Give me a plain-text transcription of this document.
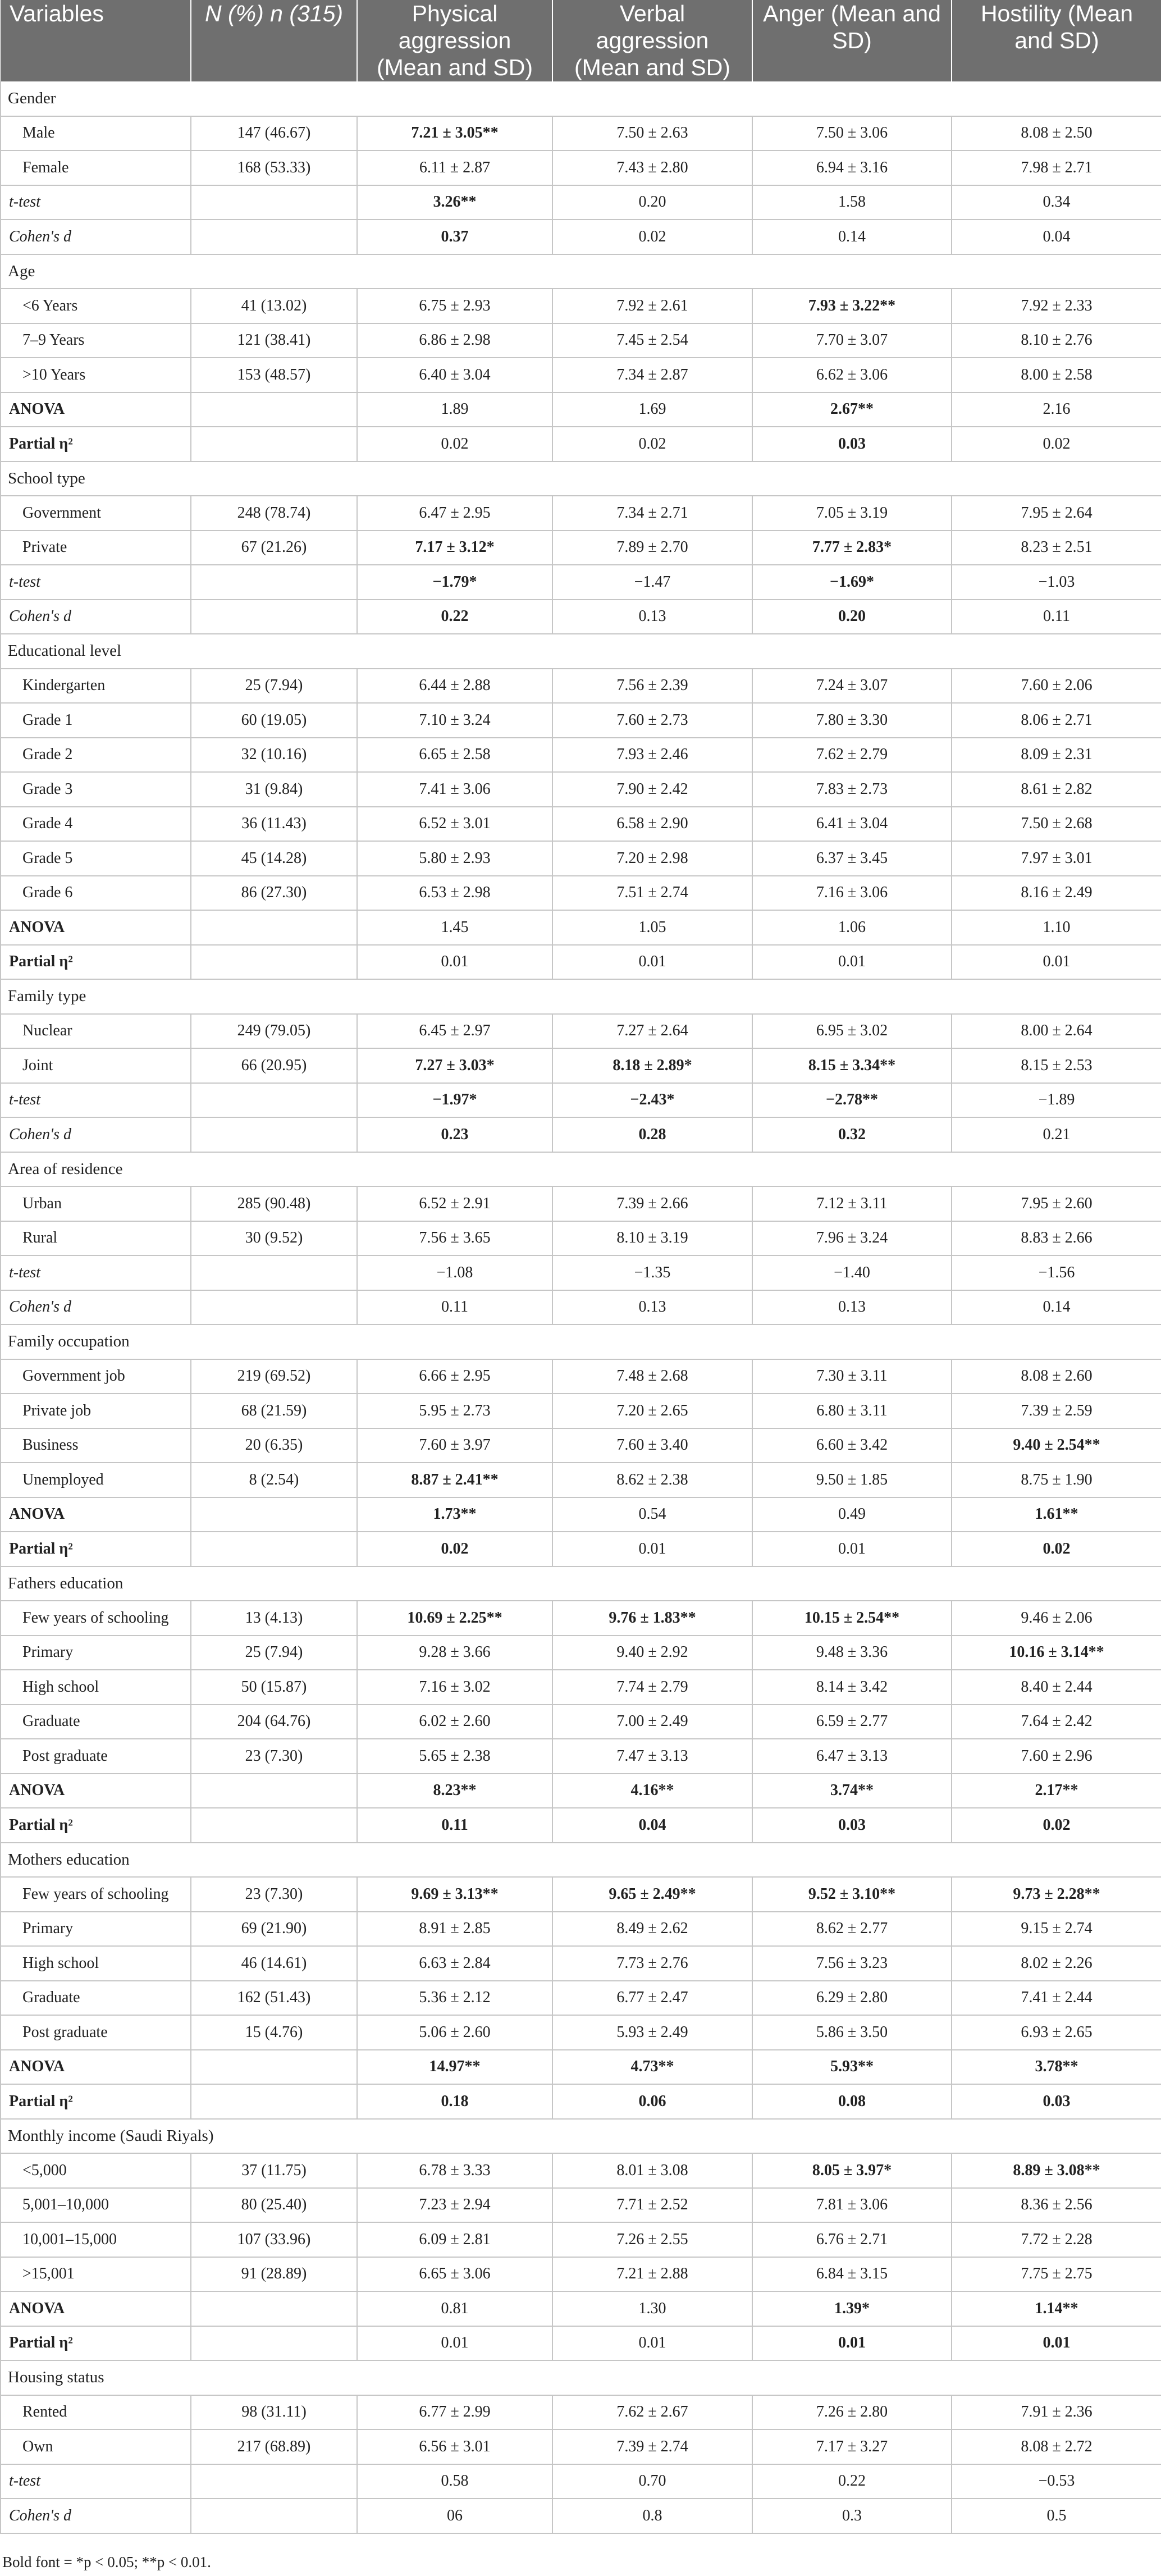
Variables	N (%) n (315)	Physical aggression (Mean and SD)	Verbal aggression (Mean and SD)	Anger (Mean and SD)	Hostility (Mean and SD)
Gender					
Male	147 (46.67)	7.21 ± 3.05**	7.50 ± 2.63	7.50 ± 3.06	8.08 ± 2.50
Female	168 (53.33)	6.11 ± 2.87	7.43 ± 2.80	6.94 ± 3.16	7.98 ± 2.71
t-test		3.26**	0.20	1.58	0.34
Cohen's d		0.37	0.02	0.14	0.04
Age					
<6 Years	41 (13.02)	6.75 ± 2.93	7.92 ± 2.61	7.93 ± 3.22**	7.92 ± 2.33
7–9 Years	121 (38.41)	6.86 ± 2.98	7.45 ± 2.54	7.70 ± 3.07	8.10 ± 2.76
>10 Years	153 (48.57)	6.40 ± 3.04	7.34 ± 2.87	6.62 ± 3.06	8.00 ± 2.58
ANOVA		1.89	1.69	2.67**	2.16
Partial η²		0.02	0.02	0.03	0.02
School type					
Government	248 (78.74)	6.47 ± 2.95	7.34 ± 2.71	7.05 ± 3.19	7.95 ± 2.64
Private	67 (21.26)	7.17 ± 3.12*	7.89 ± 2.70	7.77 ± 2.83*	8.23 ± 2.51
t-test		−1.79*	−1.47	−1.69*	−1.03
Cohen's d		0.22	0.13	0.20	0.11
Educational level					
Kindergarten	25 (7.94)	6.44 ± 2.88	7.56 ± 2.39	7.24 ± 3.07	7.60 ± 2.06
Grade 1	60 (19.05)	7.10 ± 3.24	7.60 ± 2.73	7.80 ± 3.30	8.06 ± 2.71
Grade 2	32 (10.16)	6.65 ± 2.58	7.93 ± 2.46	7.62 ± 2.79	8.09 ± 2.31
Grade 3	31 (9.84)	7.41 ± 3.06	7.90 ± 2.42	7.83 ± 2.73	8.61 ± 2.82
Grade 4	36 (11.43)	6.52 ± 3.01	6.58 ± 2.90	6.41 ± 3.04	7.50 ± 2.68
Grade 5	45 (14.28)	5.80 ± 2.93	7.20 ± 2.98	6.37 ± 3.45	7.97 ± 3.01
Grade 6	86 (27.30)	6.53 ± 2.98	7.51 ± 2.74	7.16 ± 3.06	8.16 ± 2.49
ANOVA		1.45	1.05	1.06	1.10
Partial η²		0.01	0.01	0.01	0.01
Family type					
Nuclear	249 (79.05)	6.45 ± 2.97	7.27 ± 2.64	6.95 ± 3.02	8.00 ± 2.64
Joint	66 (20.95)	7.27 ± 3.03*	8.18 ± 2.89*	8.15 ± 3.34**	8.15 ± 2.53
t-test		−1.97*	−2.43*	−2.78**	−1.89
Cohen's d		0.23	0.28	0.32	0.21
Area of residence					
Urban	285 (90.48)	6.52 ± 2.91	7.39 ± 2.66	7.12 ± 3.11	7.95 ± 2.60
Rural	30 (9.52)	7.56 ± 3.65	8.10 ± 3.19	7.96 ± 3.24	8.83 ± 2.66
t-test		−1.08	−1.35	−1.40	−1.56
Cohen's d		0.11	0.13	0.13	0.14
Family occupation					
Government job	219 (69.52)	6.66 ± 2.95	7.48 ± 2.68	7.30 ± 3.11	8.08 ± 2.60
Private job	68 (21.59)	5.95 ± 2.73	7.20 ± 2.65	6.80 ± 3.11	7.39 ± 2.59
Business	20 (6.35)	7.60 ± 3.97	7.60 ± 3.40	6.60 ± 3.42	9.40 ± 2.54**
Unemployed	8 (2.54)	8.87 ± 2.41**	8.62 ± 2.38	9.50 ± 1.85	8.75 ± 1.90
ANOVA		1.73**	0.54	0.49	1.61**
Partial η²		0.02	0.01	0.01	0.02
Fathers education					
Few years of schooling	13 (4.13)	10.69 ± 2.25**	9.76 ± 1.83**	10.15 ± 2.54**	9.46 ± 2.06
Primary	25 (7.94)	9.28 ± 3.66	9.40 ± 2.92	9.48 ± 3.36	10.16 ± 3.14**
High school	50 (15.87)	7.16 ± 3.02	7.74 ± 2.79	8.14 ± 3.42	8.40 ± 2.44
Graduate	204 (64.76)	6.02 ± 2.60	7.00 ± 2.49	6.59 ± 2.77	7.64 ± 2.42
Post graduate	23 (7.30)	5.65 ± 2.38	7.47 ± 3.13	6.47 ± 3.13	7.60 ± 2.96
ANOVA		8.23**	4.16**	3.74**	2.17**
Partial η²		0.11	0.04	0.03	0.02
Mothers education					
Few years of schooling	23 (7.30)	9.69 ± 3.13**	9.65 ± 2.49**	9.52 ± 3.10**	9.73 ± 2.28**
Primary	69 (21.90)	8.91 ± 2.85	8.49 ± 2.62	8.62 ± 2.77	9.15 ± 2.74
High school	46 (14.61)	6.63 ± 2.84	7.73 ± 2.76	7.56 ± 3.23	8.02 ± 2.26
Graduate	162 (51.43)	5.36 ± 2.12	6.77 ± 2.47	6.29 ± 2.80	7.41 ± 2.44
Post graduate	15 (4.76)	5.06 ± 2.60	5.93 ± 2.49	5.86 ± 3.50	6.93 ± 2.65
ANOVA		14.97**	4.73**	5.93**	3.78**
Partial η²		0.18	0.06	0.08	0.03
Monthly income (Saudi Riyals)					
<5,000	37 (11.75)	6.78 ± 3.33	8.01 ± 3.08	8.05 ± 3.97*	8.89 ± 3.08**
5,001–10,000	80 (25.40)	7.23 ± 2.94	7.71 ± 2.52	7.81 ± 3.06	8.36 ± 2.56
10,001–15,000	107 (33.96)	6.09 ± 2.81	7.26 ± 2.55	6.76 ± 2.71	7.72 ± 2.28
>15,001	91 (28.89)	6.65 ± 3.06	7.21 ± 2.88	6.84 ± 3.15	7.75 ± 2.75
ANOVA		0.81	1.30	1.39*	1.14**
Partial η²		0.01	0.01	0.01	0.01
Housing status					
Rented	98 (31.11)	6.77 ± 2.99	7.62 ± 2.67	7.26 ± 2.80	7.91 ± 2.36
Own	217 (68.89)	6.56 ± 3.01	7.39 ± 2.74	7.17 ± 3.27	8.08 ± 2.72
t-test		0.58	0.70	0.22	−0.53
Cohen's d		06	0.8	0.3	0.5
Bold font = *p < 0.05; **p < 0.01.
